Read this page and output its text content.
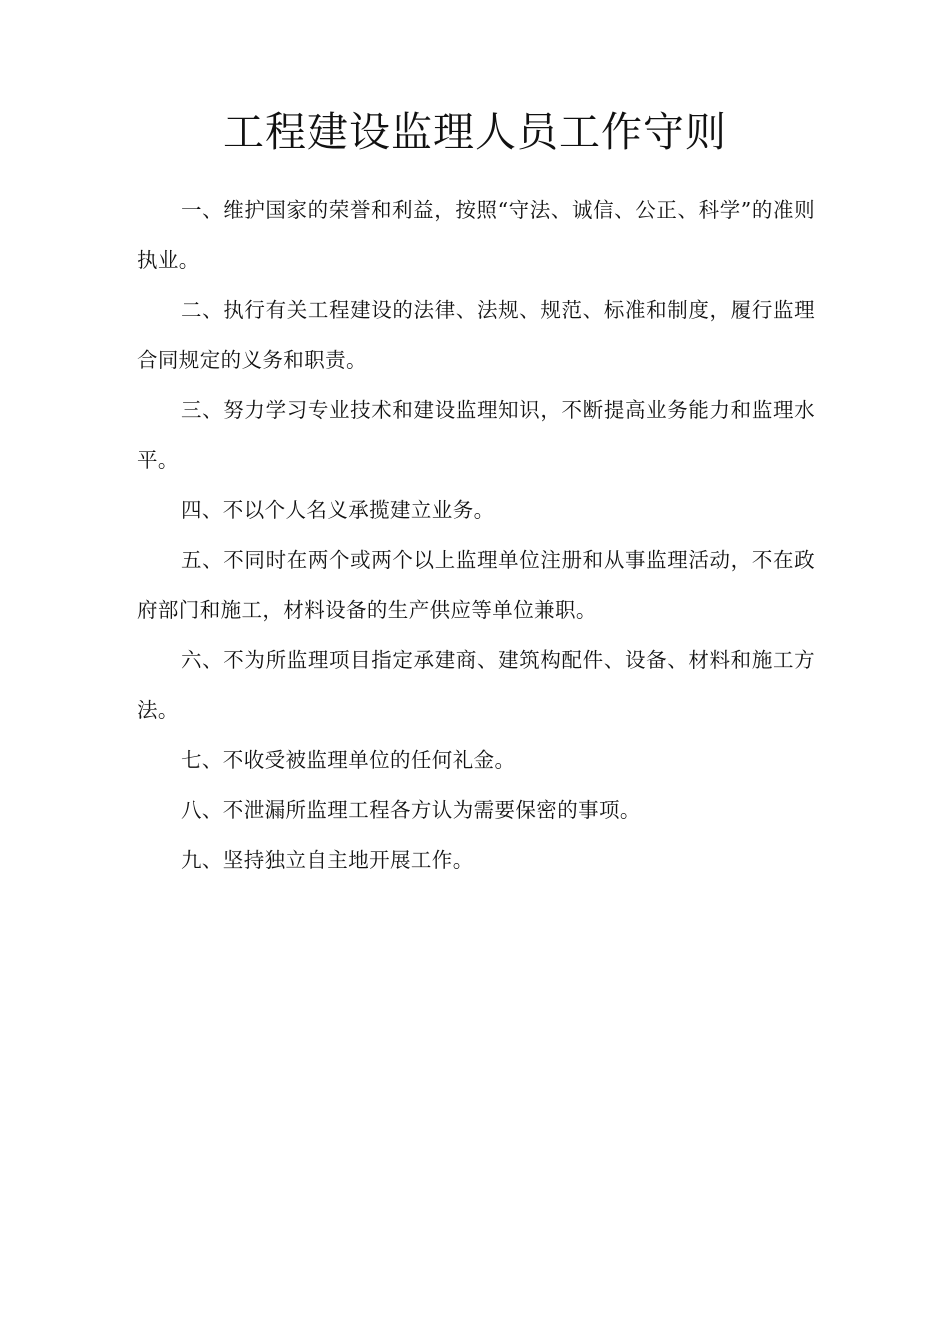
工程建设监理人员工作守则

一、维护国家的荣誉和利益，按照“守法、诚信、公正、科学”的准则执业。

二、执行有关工程建设的法律、法规、规范、标准和制度，履行监理合同规定的义务和职责。

三、努力学习专业技术和建设监理知识，不断提高业务能力和监理水平。

四、不以个人名义承揽建立业务。

五、不同时在两个或两个以上监理单位注册和从事监理活动，不在政府部门和施工，材料设备的生产供应等单位兼职。

六、不为所监理项目指定承建商、建筑构配件、设备、材料和施工方法。

七、不收受被监理单位的任何礼金。

八、不泄漏所监理工程各方认为需要保密的事项。

九、坚持独立自主地开展工作。
